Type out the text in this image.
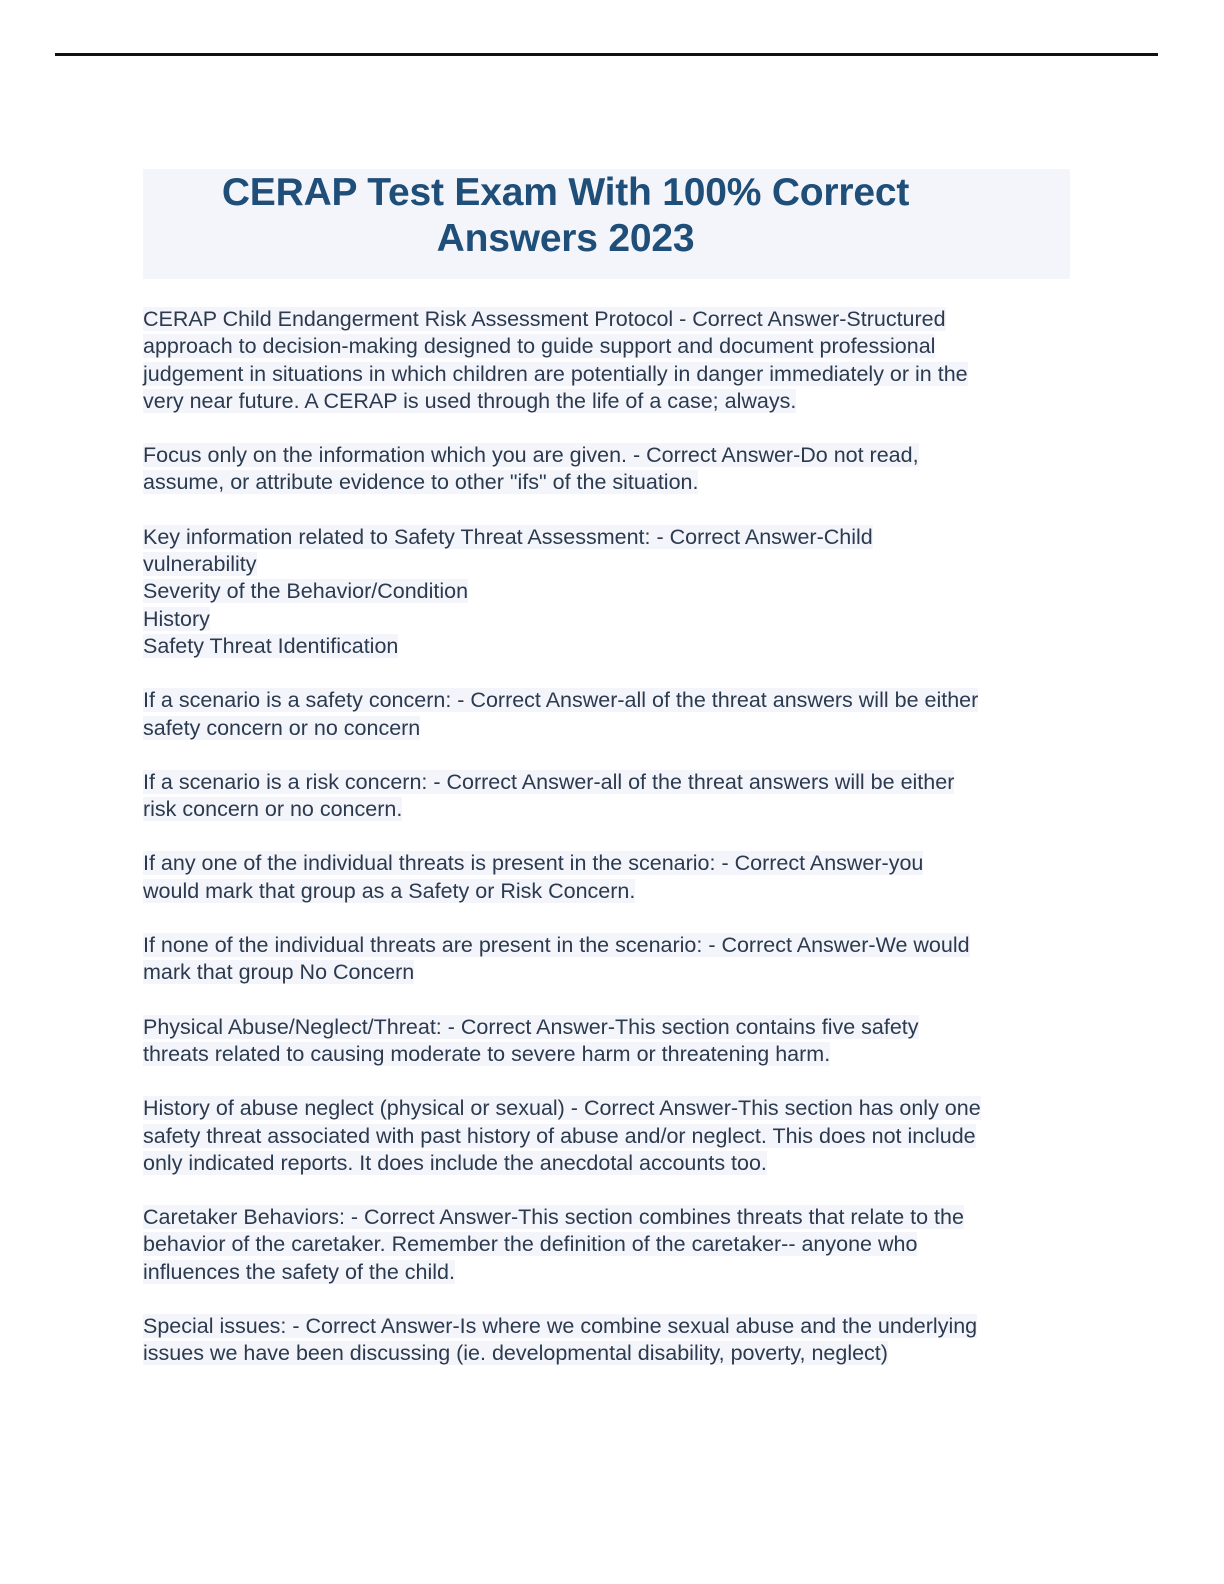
CERAP Test Exam With 100% Correct
Answers 2023

CERAP Child Endangerment Risk Assessment Protocol - Correct Answer-Structured
approach to decision-making designed to guide support and document professional
judgement in situations in which children are potentially in danger immediately or in the
very near future. A CERAP is used through the life of a case; always.

Focus only on the information which you are given. - Correct Answer-Do not read,
assume, or attribute evidence to other "ifs" of the situation.

Key information related to Safety Threat Assessment: - Correct Answer-Child
vulnerability
Severity of the Behavior/Condition
History
Safety Threat Identification

If a scenario is a safety concern: - Correct Answer-all of the threat answers will be either
safety concern or no concern

If a scenario is a risk concern: - Correct Answer-all of the threat answers will be either
risk concern or no concern.

If any one of the individual threats is present in the scenario: - Correct Answer-you
would mark that group as a Safety or Risk Concern.

If none of the individual threats are present in the scenario: - Correct Answer-We would
mark that group No Concern

Physical Abuse/Neglect/Threat: - Correct Answer-This section contains five safety
threats related to causing moderate to severe harm or threatening harm.

History of abuse neglect (physical or sexual) - Correct Answer-This section has only one
safety threat associated with past history of abuse and/or neglect. This does not include
only indicated reports. It does include the anecdotal accounts too.

Caretaker Behaviors: - Correct Answer-This section combines threats that relate to the
behavior of the caretaker. Remember the definition of the caretaker-- anyone who
influences the safety of the child.

Special issues: - Correct Answer-Is where we combine sexual abuse and the underlying
issues we have been discussing (ie. developmental disability, poverty, neglect)
